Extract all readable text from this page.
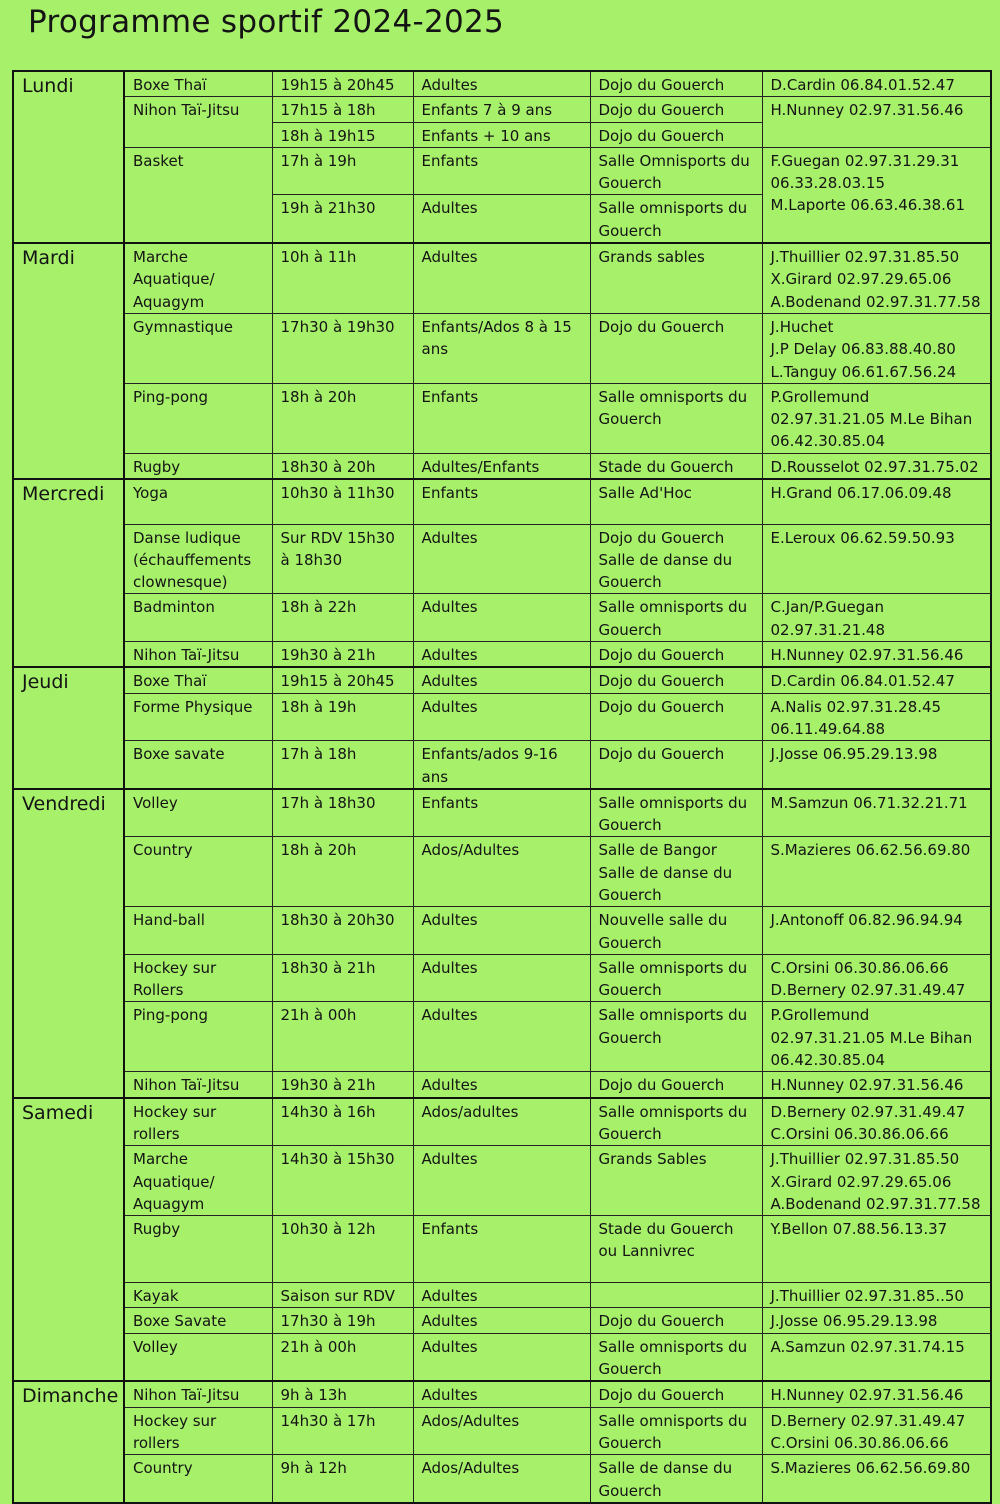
Programme sportif 2024-2025
Lundi	Boxe Thaï	19h15 à 20h45	Adultes	Dojo du Gouerch	D.Cardin 06.84.01.52.47
	Nihon Taï-Jitsu	17h15 à 18h	Enfants 7 à 9 ans	Dojo du Gouerch	H.Nunney 02.97.31.56.46
		18h à 19h15	Enfants + 10 ans	Dojo du Gouerch	
	Basket	17h à 19h	Enfants	Salle Omnisports du
Gouerch	F.Guegan 02.97.31.29.31
06.33.28.03.15
M.Laporte 06.63.46.38.61
		19h à 21h30	Adultes	Salle omnisports du
Gouerch	
Mardi	Marche
Aquatique/
Aquagym	10h à 11h	Adultes	Grands sables	J.Thuillier 02.97.31.85.50
X.Girard 02.97.29.65.06
A.Bodenand 02.97.31.77.58
	Gymnastique	17h30 à 19h30	Enfants/Ados 8 à 15
ans	Dojo du Gouerch	J.Huchet
J.P Delay 06.83.88.40.80
L.Tanguy 06.61.67.56.24
	Ping-pong	18h à 20h	Enfants	Salle omnisports du
Gouerch	P.Grollemund
02.97.31.21.05 M.Le Bihan
06.42.30.85.04
	Rugby	18h30 à 20h	Adultes/Enfants	Stade du Gouerch	D.Rousselot 02.97.31.75.02
Mercredi	Yoga	10h30 à 11h30	Enfants	Salle Ad'Hoc	H.Grand 06.17.06.09.48
	Danse ludique
(échauffements
clownesque)	Sur RDV 15h30
à 18h30	Adultes	Dojo du Gouerch
Salle de danse du
Gouerch	E.Leroux 06.62.59.50.93
	Badminton	18h à 22h	Adultes	Salle omnisports du
Gouerch	C.Jan/P.Guegan
02.97.31.21.48
	Nihon Taï-Jitsu	19h30 à 21h	Adultes	Dojo du Gouerch	H.Nunney 02.97.31.56.46
Jeudi	Boxe Thaï	19h15 à 20h45	Adultes	Dojo du Gouerch	D.Cardin 06.84.01.52.47
	Forme Physique	18h à 19h	Adultes	Dojo du Gouerch	A.Nalis 02.97.31.28.45
06.11.49.64.88
	Boxe savate	17h à 18h	Enfants/ados 9-16
ans	Dojo du Gouerch	J.Josse 06.95.29.13.98
Vendredi	Volley	17h à 18h30	Enfants	Salle omnisports du
Gouerch	M.Samzun 06.71.32.21.71
	Country	18h à 20h	Ados/Adultes	Salle de Bangor
Salle de danse du
Gouerch	S.Mazieres 06.62.56.69.80
	Hand-ball	18h30 à 20h30	Adultes	Nouvelle salle du
Gouerch	J.Antonoff 06.82.96.94.94
	Hockey sur
Rollers	18h30 à 21h	Adultes	Salle omnisports du
Gouerch	C.Orsini 06.30.86.06.66
D.Bernery 02.97.31.49.47
	Ping-pong	21h à 00h	Adultes	Salle omnisports du
Gouerch	P.Grollemund
02.97.31.21.05 M.Le Bihan
06.42.30.85.04
	Nihon Taï-Jitsu	19h30 à 21h	Adultes	Dojo du Gouerch	H.Nunney 02.97.31.56.46
Samedi	Hockey sur
rollers	14h30 à 16h	Ados/adultes	Salle omnisports du
Gouerch	D.Bernery 02.97.31.49.47
C.Orsini 06.30.86.06.66
	Marche
Aquatique/
Aquagym	14h30 à 15h30	Adultes	Grands Sables	J.Thuillier 02.97.31.85.50
X.Girard 02.97.29.65.06
A.Bodenand 02.97.31.77.58
	Rugby	10h30 à 12h	Enfants	Stade du Gouerch
ou Lannivrec	Y.Bellon 07.88.56.13.37
	Kayak	Saison sur RDV	Adultes		J.Thuillier 02.97.31.85..50
	Boxe Savate	17h30 à 19h	Adultes	Dojo du Gouerch	J.Josse 06.95.29.13.98
	Volley	21h à 00h	Adultes	Salle omnisports du
Gouerch	A.Samzun 02.97.31.74.15
Dimanche	Nihon Taï-Jitsu	9h à 13h	Adultes	Dojo du Gouerch	H.Nunney 02.97.31.56.46
	Hockey sur
rollers	14h30 à 17h	Ados/Adultes	Salle omnisports du
Gouerch	D.Bernery 02.97.31.49.47
C.Orsini 06.30.86.06.66
	Country	9h à 12h	Ados/Adultes	Salle de danse du
Gouerch	S.Mazieres 06.62.56.69.80
